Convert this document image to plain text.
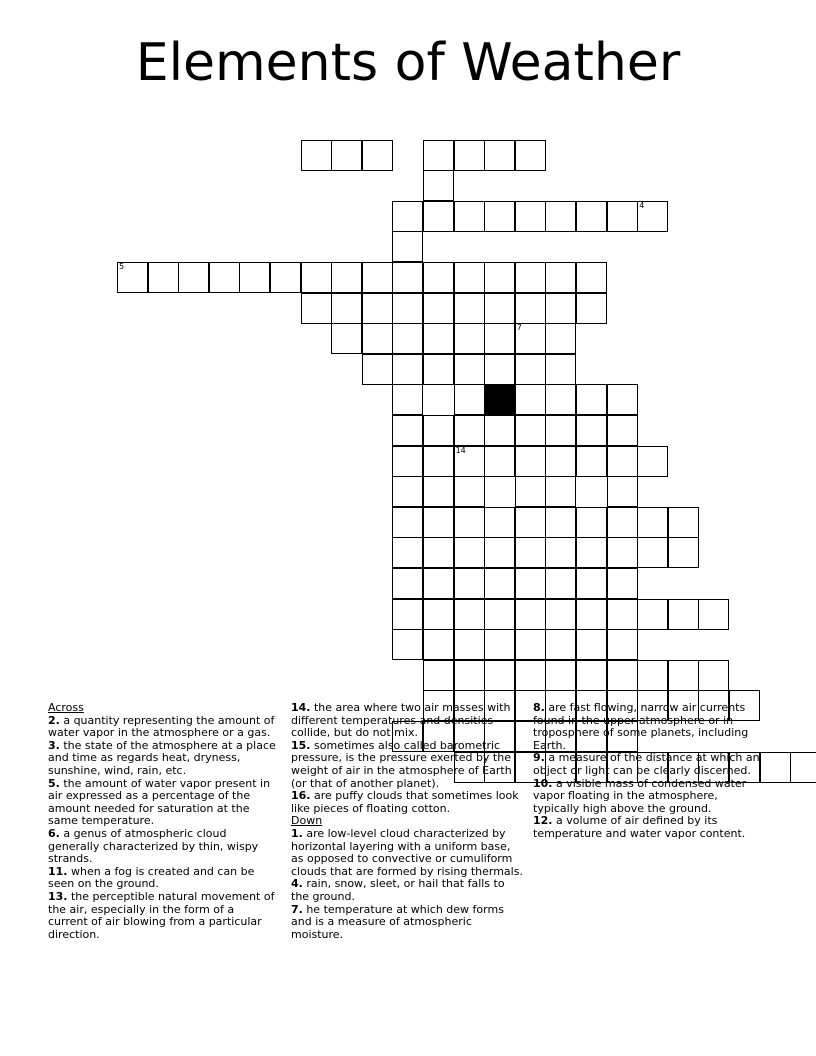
Elements of Weather
4
5
7
14
Across
2. a quantity representing the amount of water vapor in the atmosphere or a gas.
3. the state of the atmosphere at a place and time as regards heat, dryness, sunshine, wind, rain, etc.
5. the amount of water vapor present in air expressed as a percentage of the amount needed for saturation at the same temperature.
6. a genus of atmospheric cloud generally characterized by thin, wispy strands.
11. when a fog is created and can be seen on the ground.
13. the perceptible natural movement of the air, especially in the form of a current of air blowing from a particular direction.
14. the area where two air masses with different temperatures and densities collide, but do not mix.
15. sometimes also called barometric pressure, is the pressure exerted by the weight of air in the atmosphere of Earth (or that of another planet).
16. are puffy clouds that sometimes look like pieces of floating cotton.
Down
1. are low-level cloud characterized by horizontal layering with a uniform base, as opposed to convective or cumuliform clouds that are formed by rising thermals.
4. rain, snow, sleet, or hail that falls to the ground.
7. he temperature at which dew forms and is a measure of atmospheric moisture.
8. are fast flowing, narrow air currents found in the upper atmosphere or in troposphere of some planets, including Earth.
9. a measure of the distance at which an object or light can be clearly discerned.
10. a visible mass of condensed water vapor floating in the atmosphere, typically high above the ground.
12. a volume of air defined by its temperature and water vapor content.
